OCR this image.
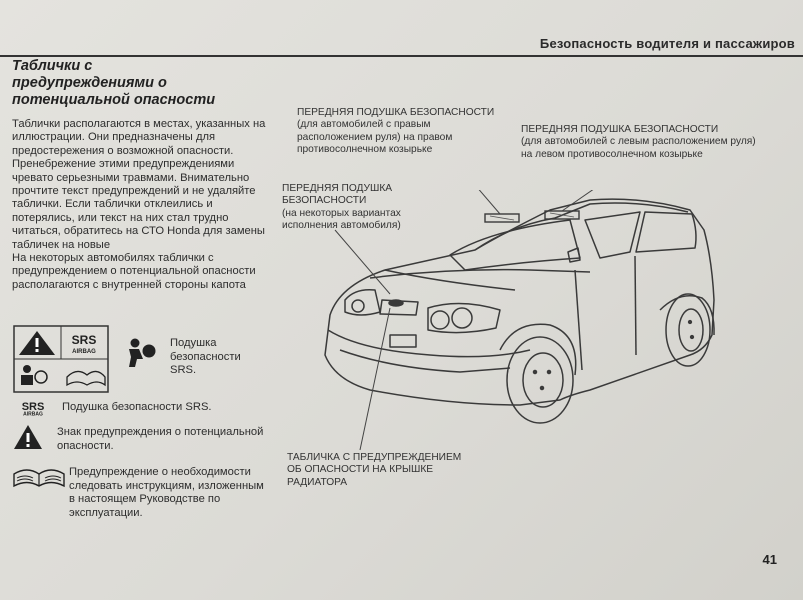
Безопасность водителя и пассажиров
Таблички с
предупреждениями о
потенциальной опасности

Таблички располагаются в местах, указанных на иллюстрации. Они предназначены для предостережения о возможной опасности. Пренебрежение этими предупреждениями чревато серьезными травмами. Внимательно прочтите текст предупреждений и не удаляйте таблички. Если таблички отклеились и потерялись, или текст на них стал трудно читаться, обратитесь на СТО Honda для замены табличек на новые

На некоторых автомобилях таблички с предупреждением о потенциальной опасности располагаются с внутренней стороны капота

SRS
AIRBAG
Подушка безопасности SRS.
SRS
AIRBAG
Подушка безопасности SRS.
Знак предупреждения о потенциальной опасности.
Предупреждение о необходимости следовать инструкциям, изложенным в настоящем Руководстве по эксплуатации.
ПЕРЕДНЯЯ ПОДУШКА БЕЗОПАСНОСТИ
(для автомобилей с правым
расположением руля) на правом
противосолнечном козырьке
ПЕРЕДНЯЯ ПОДУШКА БЕЗОПАСНОСТИ
(для автомобилей с левым расположением руля)
на левом противосолнечном козырьке
ПЕРЕДНЯЯ ПОДУШКА
БЕЗОПАСНОСТИ
(на некоторых вариантах
исполнения автомобиля)
ТАБЛИЧКА С ПРЕДУПРЕЖДЕНИЕМ
ОБ ОПАСНОСТИ НА КРЫШКЕ
РАДИАТОРА
41
